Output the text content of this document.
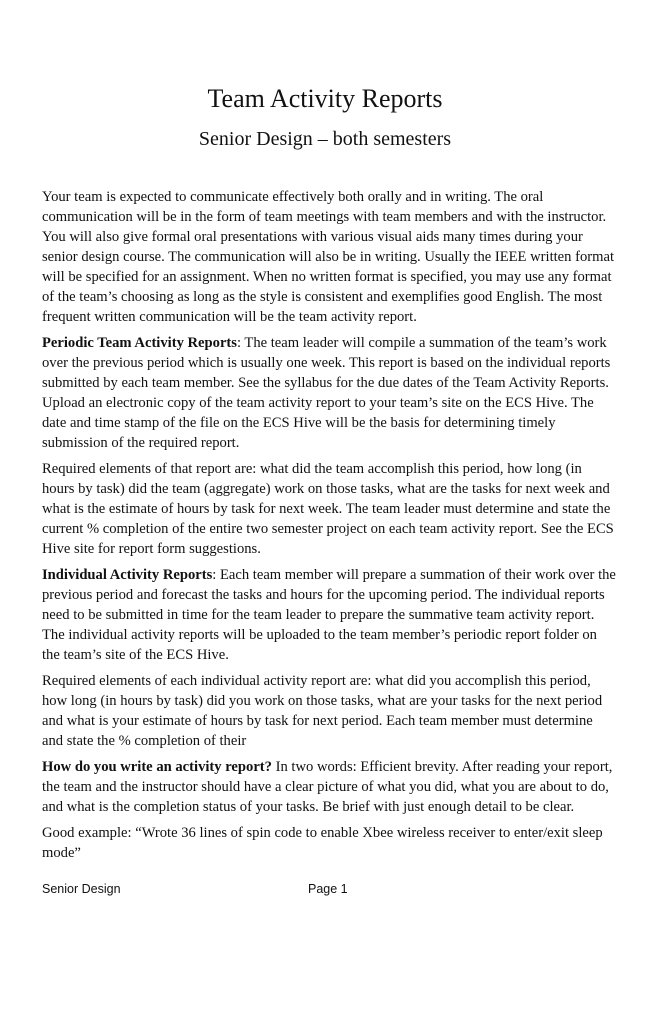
Team Activity Reports
Senior Design – both semesters

Your team is expected to communicate effectively both orally and in writing. The oral communication will be in the form of team meetings with team members and with the instructor. You will also give formal oral presentations with various visual aids many times during your senior design course. The communication will also be in writing. Usually the IEEE written format will be specified for an assignment. When no written format is specified, you may use any format of the team’s choosing as long as the style is consistent and exemplifies good English. The most frequent written communication will be the team activity report.

Periodic Team Activity Reports: The team leader will compile a summation of the team’s work over the previous period which is usually one week. This report is based on the individual reports submitted by each team member. See the syllabus for the due dates of the Team Activity Reports. Upload an electronic copy of the team activity report to your team’s site on the ECS Hive. The date and time stamp of the file on the ECS Hive will be the basis for determining timely submission of the required report.

Required elements of that report are: what did the team accomplish this period, how long (in hours by task) did the team (aggregate) work on those tasks, what are the tasks for next week and what is the estimate of hours by task for next week. The team leader must determine and state the current % completion of the entire two semester project on each team activity report. See the ECS Hive site for report form suggestions.

Individual Activity Reports: Each team member will prepare a summation of their work over the previous period and forecast the tasks and hours for the upcoming period. The individual reports need to be submitted in time for the team leader to prepare the summative team activity report. The individual activity reports will be uploaded to the team member’s periodic report folder on the team’s site of the ECS Hive.

Required elements of each individual activity report are: what did you accomplish this period, how long (in hours by task) did you work on those tasks, what are your tasks for the next period and what is your estimate of hours by task for next period. Each team member must determine and state the % completion of their

How do you write an activity report? In two words: Efficient brevity. After reading your report, the team and the instructor should have a clear picture of what you did, what you are about to do, and what is the completion status of your tasks. Be brief with just enough detail to be clear.

Good example: “Wrote 36 lines of spin code to enable Xbee wireless receiver to enter/exit sleep mode”

Senior Design	Page 1
